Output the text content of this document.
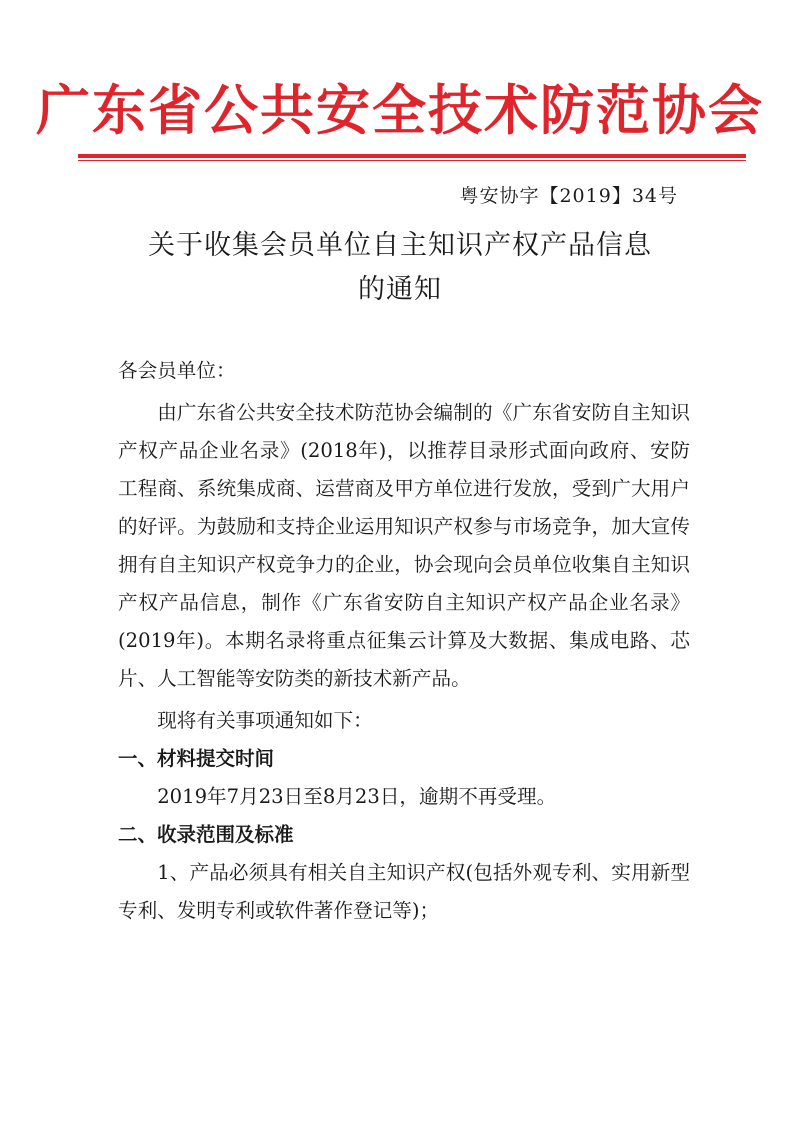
广东省公共安全技术防范协会
粤安协字【2019】34号
关于收集会员单位自主知识产权产品信息
的通知

各会员单位：

由广东省公共安全技术防范协会编制的《广东省安防自主知识产权产品企业名录》(2018年)，以推荐目录形式面向政府、安防工程商、系统集成商、运营商及甲方单位进行发放，受到广大用户的好评。为鼓励和支持企业运用知识产权参与市场竞争，加大宣传拥有自主知识产权竞争力的企业，协会现向会员单位收集自主知识产权产品信息，制作《广东省安防自主知识产权产品企业名录》(2019年)。本期名录将重点征集云计算及大数据、集成电路、芯片、人工智能等安防类的新技术新产品。

现将有关事项通知如下：

一、材料提交时间

2019年7月23日至8月23日，逾期不再受理。

二、收录范围及标准

1、产品必须具有相关自主知识产权(包括外观专利、实用新型专利、发明专利或软件著作登记等)；
